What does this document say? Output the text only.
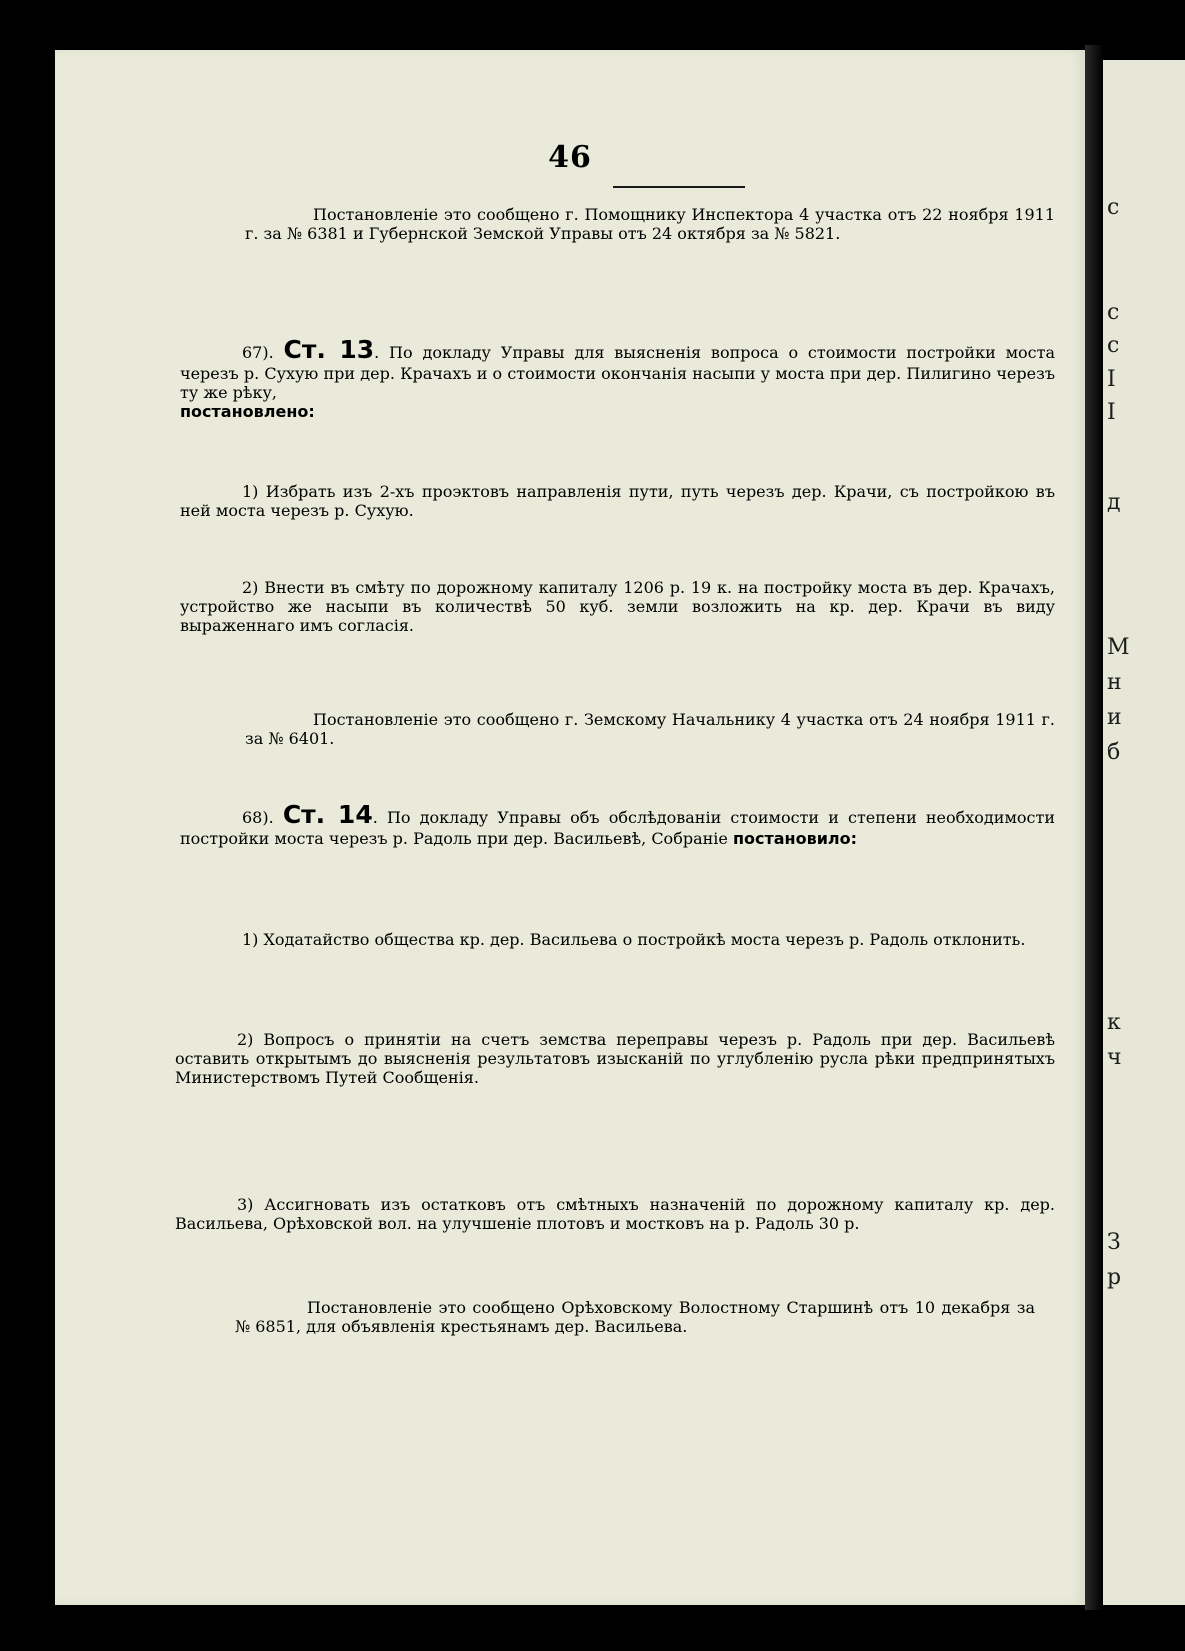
46

Постановленіе это сообщено г. Помощнику Инспектора 4 участка отъ 22 ноября 1911 г. за № 6381 и Губернской Земской Управы отъ 24 октября за № 5821.

67). Ст. 13. По докладу Управы для выясненія вопроса о стоимости постройки моста черезъ р. Сухую при дер. Крачахъ и о стоимости окончанія насыпи у моста при дер. Пилигино черезъ ту же рѣку,
постановлено:

1) Избрать изъ 2-хъ проэктовъ направленія пути, путь черезъ дер. Крачи, съ постройкою въ ней моста черезъ р. Сухую.

2) Внести въ смѣту по дорожному капиталу 1206 р. 19 к. на постройку моста въ дер. Крачахъ, устройство же насыпи въ количествѣ 50 куб. земли возложить на кр. дер. Крачи въ виду выраженнаго имъ согласія.

Постановленіе это сообщено г. Земскому Начальнику 4 участка отъ 24 ноября 1911 г. за № 6401.

68). Ст. 14. По докладу Управы объ обслѣдованіи стоимости и степени необходимости постройки моста черезъ р. Радоль при дер. Васильевѣ, Собраніе постановило:

1) Ходатайство общества кр. дер. Васильева о постройкѣ моста черезъ р. Радоль отклонить.

2) Вопросъ о принятіи на счетъ земства переправы черезъ р. Радоль при дер. Васильевѣ оставить открытымъ до выясненія результатовъ изысканій по углубленію русла рѣки предпринятыхъ Министерствомъ Путей Сообщенія.

3) Ассигновать изъ остатковъ отъ смѣтныхъ назначеній по дорожному капиталу кр. дер. Васильева, Орѣховской вол. на улучшеніе плотовъ и мостковъ на р. Радоль 30 р.

Постановленіе это сообщено Орѣховскому Волостному Старшинѣ отъ 10 декабря за № 6851, для объявленія крестьянамъ дер. Васильева.

с
с
с
I
I
д
М
н
и
б
к
ч
З
р
